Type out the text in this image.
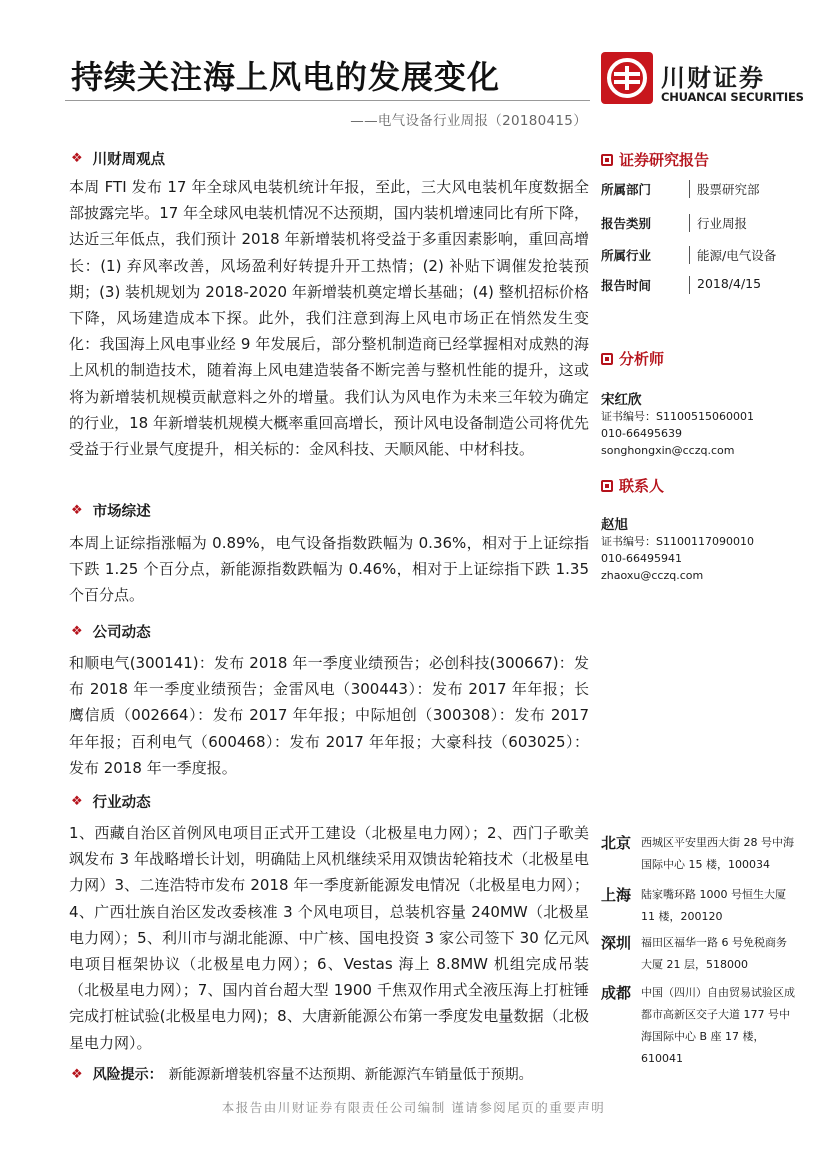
持续关注海上风电的发展变化
——电气设备行业周报（20180415）
川财证券
CHUANCAI SECURITIES
❖ 川财周观点

本周 FTI 发布 17 年全球风电装机统计年报，至此，三大风电装机年度数据全部披露完毕。17 年全球风电装机情况不达预期，国内装机增速同比有所下降，达近三年低点，我们预计 2018 年新增装机将受益于多重因素影响，重回高增长：(1) 弃风率改善，风场盈利好转提升开工热情；(2) 补贴下调催发抢装预期；(3) 装机规划为 2018-2020 年新增装机奠定增长基础；(4) 整机招标价格下降，风场建造成本下探。此外，我们注意到海上风电市场正在悄然发生变化：我国海上风电事业经 9 年发展后，部分整机制造商已经掌握相对成熟的海上风机的制造技术，随着海上风电建造装备不断完善与整机性能的提升，这或将为新增装机规模贡献意料之外的增量。我们认为风电作为未来三年较为确定的行业，18 年新增装机规模大概率重回高增长，预计风电设备制造公司将优先受益于行业景气度提升，相关标的：金风科技、天顺风能、中材科技。

❖ 市场综述

本周上证综指涨幅为 0.89%，电气设备指数跌幅为 0.36%，相对于上证综指下跌 1.25 个百分点，新能源指数跌幅为 0.46%，相对于上证综指下跌 1.35 个百分点。

❖ 公司动态

和顺电气(300141)：发布 2018 年一季度业绩预告；必创科技(300667)：发布 2018 年一季度业绩预告；金雷风电（300443）：发布 2017 年年报；长鹰信质（002664）：发布 2017 年年报；中际旭创（300308）：发布 2017 年年报；百利电气（600468）：发布 2017 年年报；大豪科技（603025）：发布 2018 年一季度报。

❖ 行业动态

1、西藏自治区首例风电项目正式开工建设（北极星电力网）；2、西门子歌美飒发布 3 年战略增长计划，明确陆上风机继续采用双馈齿轮箱技术（北极星电力网）3、二连浩特市发布 2018 年一季度新能源发电情况（北极星电力网）；4、广西壮族自治区发改委核准 3 个风电项目，总装机容量 240MW（北极星电力网）；5、利川市与湖北能源、中广核、国电投资 3 家公司签下 30 亿元风电项目框架协议（北极星电力网）；6、Vestas 海上 8.8MW 机组完成吊装（北极星电力网）；7、国内首台超大型 1900 千焦双作用式全液压海上打桩锤完成打桩试验(北极星电力网)；8、大唐新能源公布第一季度发电量数据（北极星电力网）。

❖ 风险提示： 新能源新增装机容量不达预期、新能源汽车销量低于预期。
证券研究报告
所属部门	股票研究部
报告类别	行业周报
所属行业	能源/电气设备
报告时间	2018/4/15
分析师
宋红欣
证书编号：S1100515060001
010-66495639
songhongxin@cczq.com
联系人
赵旭
证书编号：S1100117090010
010-66495941
zhaoxu@cczq.com
北京 西城区平安里西大街 28 号中海国际中心 15 楼，100034
上海 陆家嘴环路 1000 号恒生大厦 11 楼，200120
深圳 福田区福华一路 6 号免税商务大厦 21 层，518000
成都 中国（四川）自由贸易试验区成都市高新区交子大道 177 号中海国际中心 B 座 17 楼，610041
本报告由川财证券有限责任公司编制 谨请参阅尾页的重要声明
